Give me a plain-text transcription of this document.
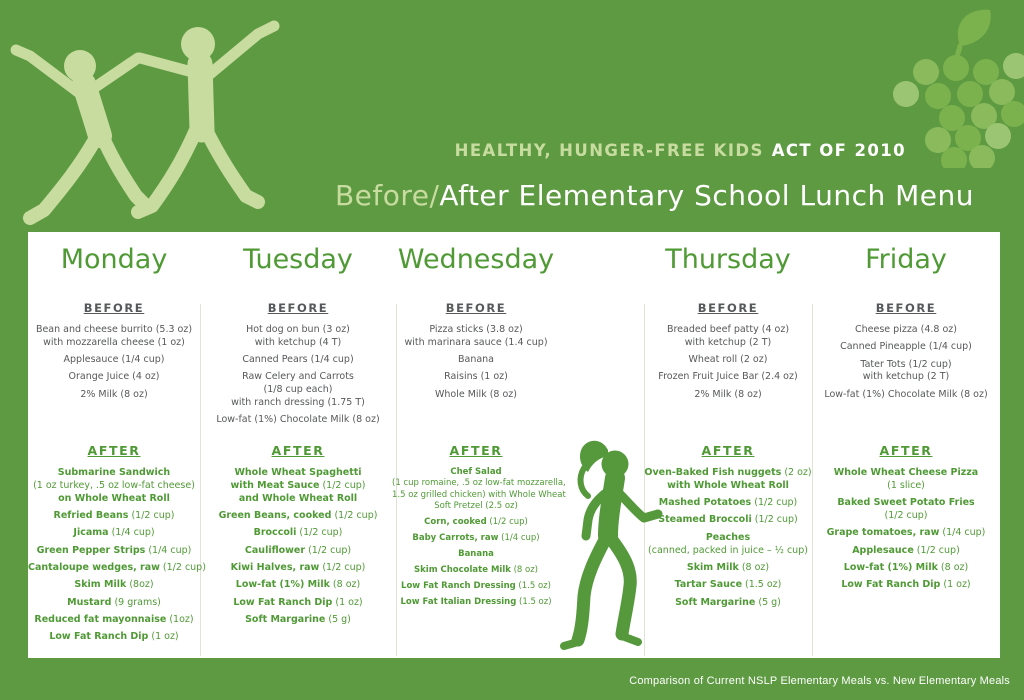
HEALTHY, HUNGER-FREE KIDS ACT OF 2010
Before/After Elementary School Lunch Menu
Monday
BEFORE
Bean and cheese burrito (5.3 oz)
with mozzarella cheese (1 oz)
Applesauce (1/4 cup)
Orange Juice (4 oz)
2% Milk (8 oz)
AFTER
Submarine Sandwich
(1 oz turkey, .5 oz low-fat cheese)
on Whole Wheat Roll
Refried Beans (1/2 cup)
Jicama (1/4 cup)
Green Pepper Strips (1/4 cup)
Cantaloupe wedges, raw (1/2 cup)
Skim Milk (8oz)
Mustard (9 grams)
Reduced fat mayonnaise (1oz)
Low Fat Ranch Dip (1 oz)
Tuesday
BEFORE
Hot dog on bun (3 oz)
with ketchup (4 T)
Canned Pears (1/4 cup)
Raw Celery and Carrots
(1/8 cup each)
with ranch dressing (1.75 T)
Low-fat (1%) Chocolate Milk (8 oz)
AFTER
Whole Wheat Spaghetti
with Meat Sauce (1/2 cup)
and Whole Wheat Roll
Green Beans, cooked (1/2 cup)
Broccoli (1/2 cup)
Cauliflower (1/2 cup)
Kiwi Halves, raw (1/2 cup)
Low-fat (1%) Milk (8 oz)
Low Fat Ranch Dip (1 oz)
Soft Margarine (5 g)
Wednesday
BEFORE
Pizza sticks (3.8 oz)
with marinara sauce (1.4 cup)
Banana
Raisins (1 oz)
Whole Milk (8 oz)
AFTER
Chef Salad
(1 cup romaine, .5 oz low-fat mozzarella,
1.5 oz grilled chicken) with Whole Wheat
Soft Pretzel (2.5 oz)
Corn, cooked (1/2 cup)
Baby Carrots, raw (1/4 cup)
Banana
Skim Chocolate Milk (8 oz)
Low Fat Ranch Dressing (1.5 oz)
Low Fat Italian Dressing (1.5 oz)
Thursday
BEFORE
Breaded beef patty (4 oz)
with ketchup (2 T)
Wheat roll (2 oz)
Frozen Fruit Juice Bar (2.4 oz)
2% Milk (8 oz)
AFTER
Oven-Baked Fish nuggets (2 oz)
with Whole Wheat Roll
Mashed Potatoes (1/2 cup)
Steamed Broccoli (1/2 cup)
Peaches
(canned, packed in juice – ½ cup)
Skim Milk (8 oz)
Tartar Sauce (1.5 oz)
Soft Margarine (5 g)
Friday
BEFORE
Cheese pizza (4.8 oz)
Canned Pineapple (1/4 cup)
Tater Tots (1/2 cup)
with ketchup (2 T)
Low-fat (1%) Chocolate Milk (8 oz)
AFTER
Whole Wheat Cheese Pizza
(1 slice)
Baked Sweet Potato Fries
(1/2 cup)
Grape tomatoes, raw (1/4 cup)
Applesauce (1/2 cup)
Low-fat (1%) Milk (8 oz)
Low Fat Ranch Dip (1 oz)
Comparison of Current NSLP Elementary Meals vs. New Elementary Meals
